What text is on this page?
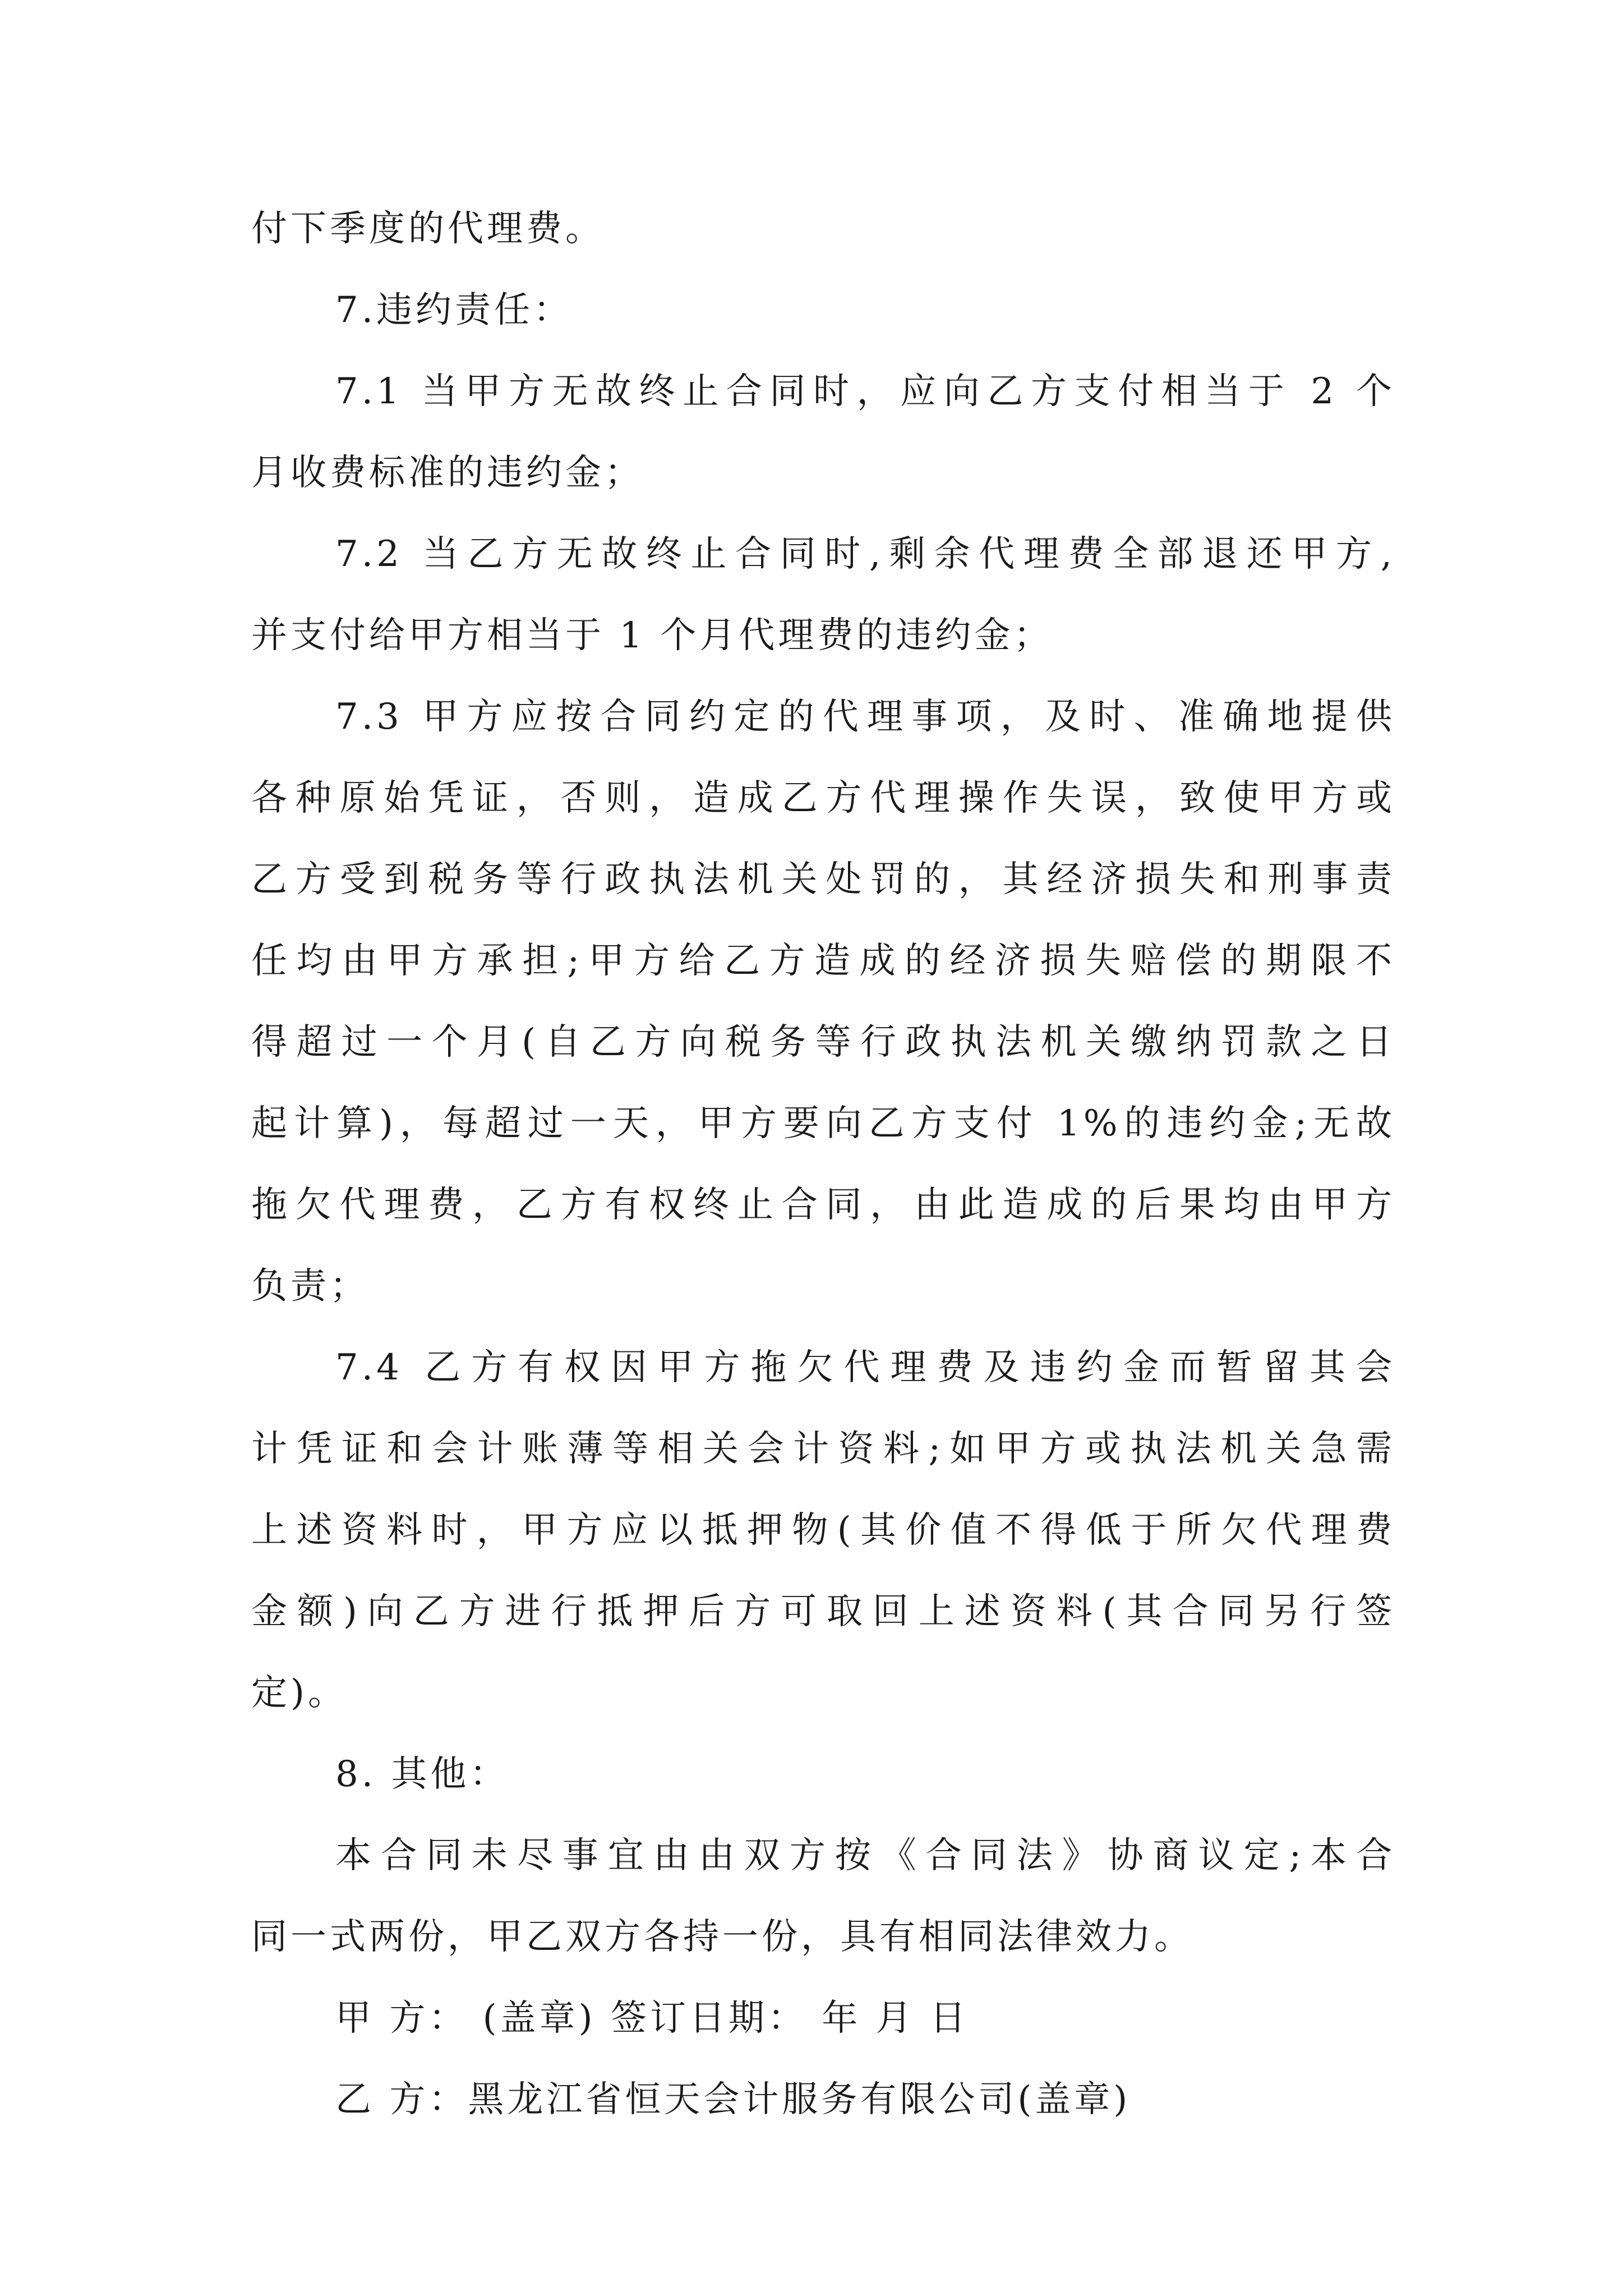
付下季度的代理费。
7.违约责任：
7.1 当甲方无故终止合同时，应向乙方支付相当于 2 个
月收费标准的违约金；
7.2 当乙方无故终止合同时,剩余代理费全部退还甲方,
并支付给甲方相当于 1 个月代理费的违约金；
7.3 甲方应按合同约定的代理事项，及时、准确地提供
各种原始凭证，否则，造成乙方代理操作失误，致使甲方或
乙方受到税务等行政执法机关处罚的，其经济损失和刑事责
任均由甲方承担;甲方给乙方造成的经济损失赔偿的期限不
得超过一个月(自乙方向税务等行政执法机关缴纳罚款之日
起计算)，每超过一天，甲方要向乙方支付 1%的违约金;无故
拖欠代理费，乙方有权终止合同，由此造成的后果均由甲方
负责；
7.4 乙方有权因甲方拖欠代理费及违约金而暂留其会
计凭证和会计账薄等相关会计资料;如甲方或执法机关急需
上述资料时，甲方应以抵押物(其价值不得低于所欠代理费
金额)向乙方进行抵押后方可取回上述资料(其合同另行签
定)。
8. 其他：
本合同未尽事宜由由双方按《合同法》协商议定;本合
同一式两份，甲乙双方各持一份，具有相同法律效力。
甲 方： (盖章) 签订日期： 年 月 日
乙 方：黑龙江省恒天会计服务有限公司(盖章)
